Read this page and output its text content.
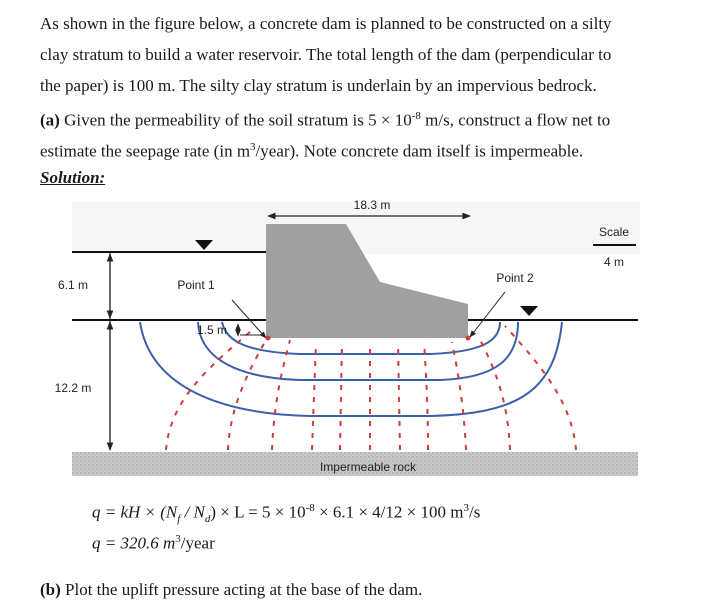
As shown in the figure below, a concrete dam is planned to be constructed on a silty
clay stratum to build a water reservoir. The total length of the dam (perpendicular to
the paper) is 100 m. The silty clay stratum is underlain by an impervious bedrock.
(a) Given the permeability of the soil stratum is $5 \times 10^{-8}$ m/s, construct a flow net to
estimate the seepage rate (in $m^3/year$). Note concrete dam itself is impermeable.
Solution:
Impermeable rock
18.3 m
6.1 m
12.2 m
Point 1	Point 2
1.5 m
Scale
4 m
q = kH × $(N_f / N_d) \times L = 5 \times 10^{-8} \times 6.1 \times 4/12 \times 100$ $m^3/s$
q = 320.6 $m^3$/year
(b) Plot the uplift pressure acting at the base of the dam.
